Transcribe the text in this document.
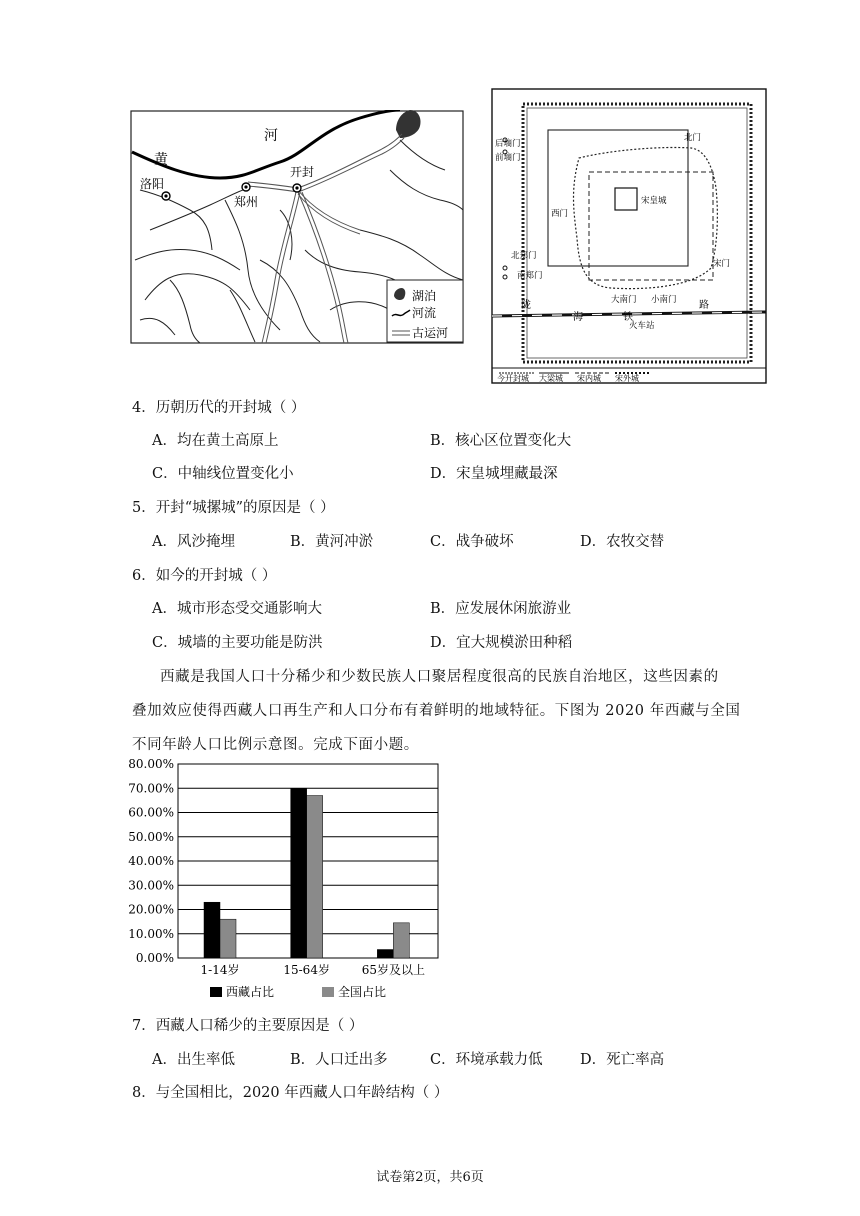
河
黄
洛阳
开封
郑州
湖泊
河流
古运河
后墒门
前墒门
北门
宋皇城
西门
宋门
北郑门
南郑门
大南门 小南门
陇
海	铁
路
火车站
今开封城 大梁城 宋内城 宋外城
4．历朝历代的开封城（ ）
A．均在黄土高原上	B．核心区位置变化大
C．中轴线位置变化小	D．宋皇城埋藏最深
5．开封“城摞城”的原因是（ ）
A．风沙掩埋	B．黄河冲淤	C．战争破坏	D．农牧交替
6．如今的开封城（ ）
A．城市形态受交通影响大	B．应发展休闲旅游业
C．城墙的主要功能是防洪	D．宜大规模淤田种稻
西藏是我国人口十分稀少和少数民族人口聚居程度很高的民族自治地区，这些因素的
叠加效应使得西藏人口再生产和人口分布有着鲜明的地域特征。下图为 2020 年西藏与全国
不同年龄人口比例示意图。完成下面小题。
0.00%
10.00%
20.00%
30.00%
40.00%
50.00%
60.00%
70.00%
80.00%
1-14岁	15-64岁	65岁及以上
西藏占比	全国占比
7．西藏人口稀少的主要原因是（ ）
A．出生率低	B．人口迁出多	C．环境承载力低	D．死亡率高
8．与全国相比，2020 年西藏人口年龄结构（ ）
试卷第2页，共6页
